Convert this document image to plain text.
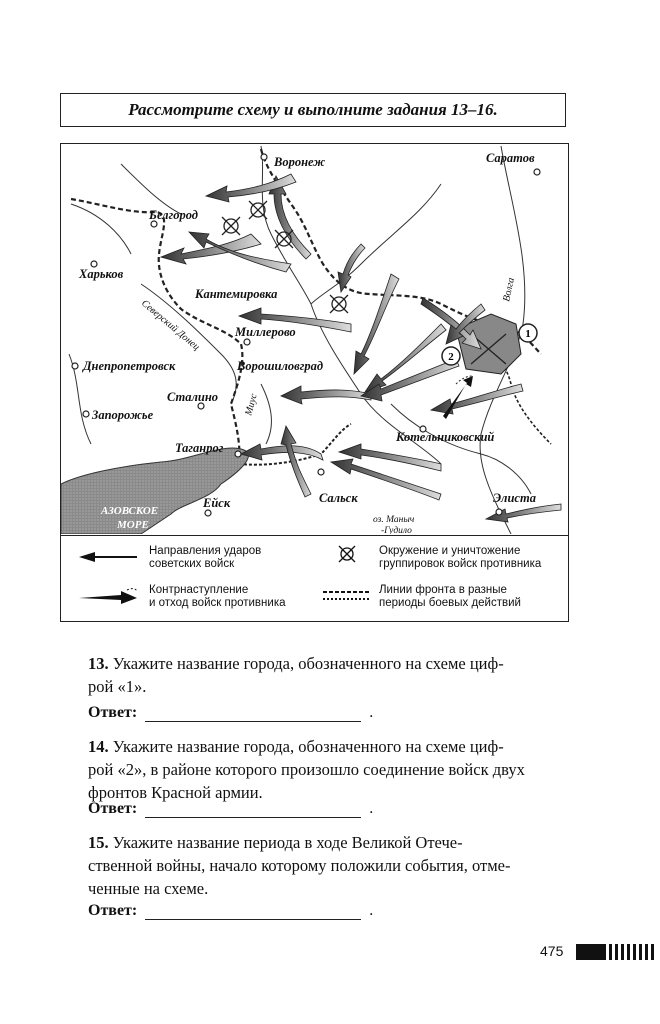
Рассмотрите схему и выполните задания 13–16.
1
2
Воронеж	Саратов
Белгород
Харьков
Кантемировка
Миллерово
Ворошиловград
Днепропетровск
Сталино
Запорожье
Таганрог
Котельниковский
Элиста
Сальск
Ейск
Волга
Северский Донец
Миус
АЗОВСКОЕ
МОРЕ	оз. Маныч
-Гудило
Направления ударов
советских войск
Окружение и уничтожение
группировок войск противника
Контрнаступление
и отход войск противника
Линии фронта в разные
периоды боевых действий
13. Укажите название города, обозначенного на схеме циф-
рой «1».
Ответ:	.
14. Укажите название города, обозначенного на схеме циф-
рой «2», в районе которого произошло соединение войск двух
фронтов Красной армии.
Ответ:	.
15. Укажите название периода в ходе Великой Отече-
ственной войны, начало которому положили события, отме-
ченные на схеме.
Ответ:	.
475
